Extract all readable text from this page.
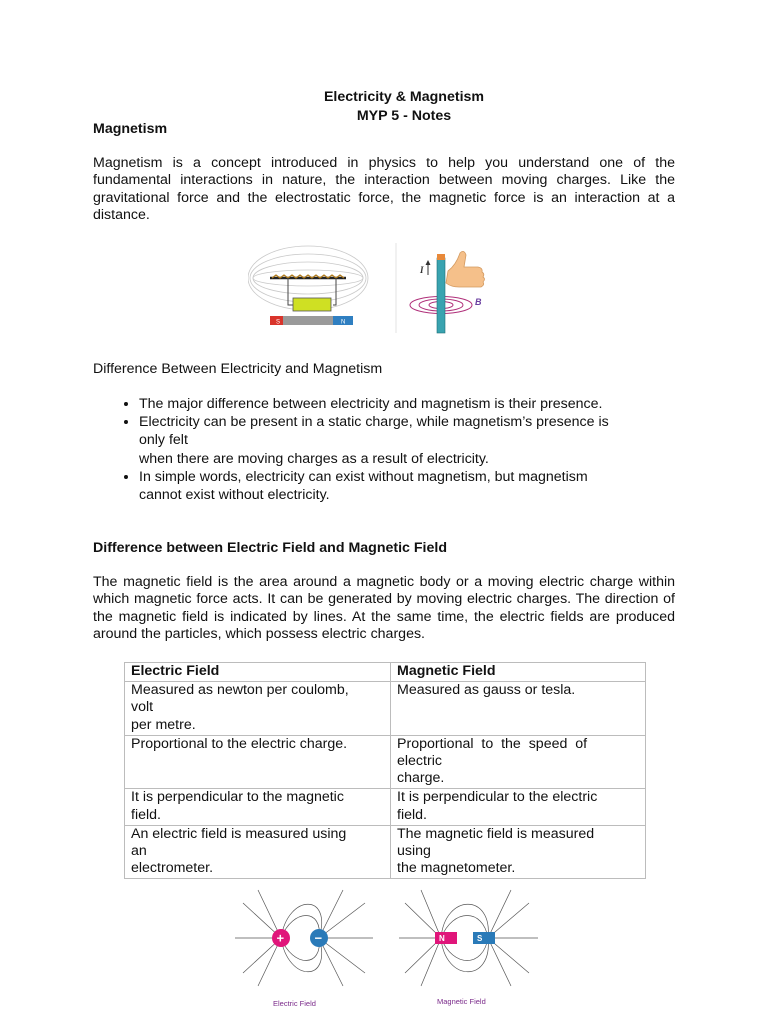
Electricity & Magnetism
MYP 5 - Notes
Magnetism

Magnetism is a concept introduced in physics to help you understand one of the fundamental interactions in nature, the interaction between moving charges. Like the gravitational force and the electrostatic force, the magnetic force is an interaction at a distance.

S	N
I
B
Difference Between Electricity and Magnetism
• The major difference between electricity and magnetism is their presence.
• Electricity can be present in a static charge, while magnetism’s presence is
only felt
when there are moving charges as a result of electricity.
• In simple words, electricity can exist without magnetism, but magnetism
cannot exist without electricity.
Difference between Electric Field and Magnetic Field

The magnetic field is the area around a magnetic body or a moving electric charge within which magnetic force acts. It can be generated by moving electric charges. The direction of the magnetic field is indicated by lines. At the same time, the electric fields are produced around the particles, which possess electric charges.

Electric Field	Magnetic Field
Measured as newton per coulomb,
volt
per metre.	Measured as gauss or tesla.
Proportional to the electric charge.	Proportional  to  the  speed  of
electric
charge.
It is perpendicular to the magnetic
field.	It is perpendicular to the electric
field.
An electric field is measured using
an
electrometer.	The magnetic field is measured
using
the magnetometer.
+ −
Electric Field
N	S
Magnetic Field
